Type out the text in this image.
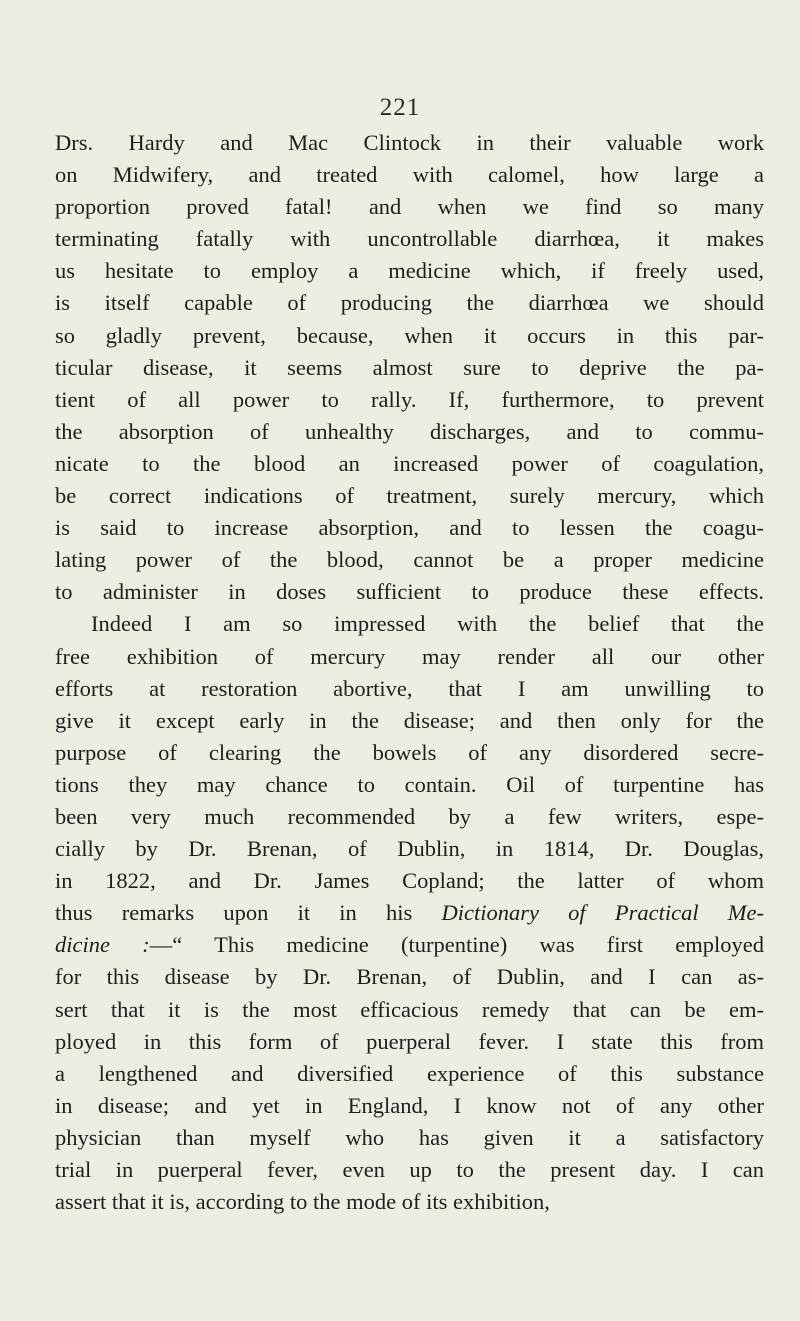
221
Drs. Hardy and Mac Clintock in their valuable work
on Midwifery, and treated with calomel, how large a
proportion proved fatal! and when we find so many
terminating fatally with uncontrollable diarrhœa, it makes
us hesitate to employ a medicine which, if freely used,
is itself capable of producing the diarrhœa we should
so gladly prevent, because, when it occurs in this par-
ticular disease, it seems almost sure to deprive the pa-
tient of all power to rally. If, furthermore, to prevent
the absorption of unhealthy discharges, and to commu-
nicate to the blood an increased power of coagulation,
be correct indications of treatment, surely mercury, which
is said to increase absorption, and to lessen the coagu-
lating power of the blood, cannot be a proper medicine
to administer in doses sufficient to produce these effects.
Indeed I am so impressed with the belief that the
free exhibition of mercury may render all our other
efforts at restoration abortive, that I am unwilling to
give it except early in the disease; and then only for the
purpose of clearing the bowels of any disordered secre-
tions they may chance to contain. Oil of turpentine has
been very much recommended by a few writers, espe-
cially by Dr. Brenan, of Dublin, in 1814, Dr. Douglas,
in 1822, and Dr. James Copland; the latter of whom
thus remarks upon it in his Dictionary of Practical Me-
dicine :—“ This medicine (turpentine) was first employed
for this disease by Dr. Brenan, of Dublin, and I can as-
sert that it is the most efficacious remedy that can be em-
ployed in this form of puerperal fever. I state this from
a lengthened and diversified experience of this substance
in disease; and yet in England, I know not of any other
physician than myself who has given it a satisfactory
trial in puerperal fever, even up to the present day. I can
assert that it is, according to the mode of its exhibition,
